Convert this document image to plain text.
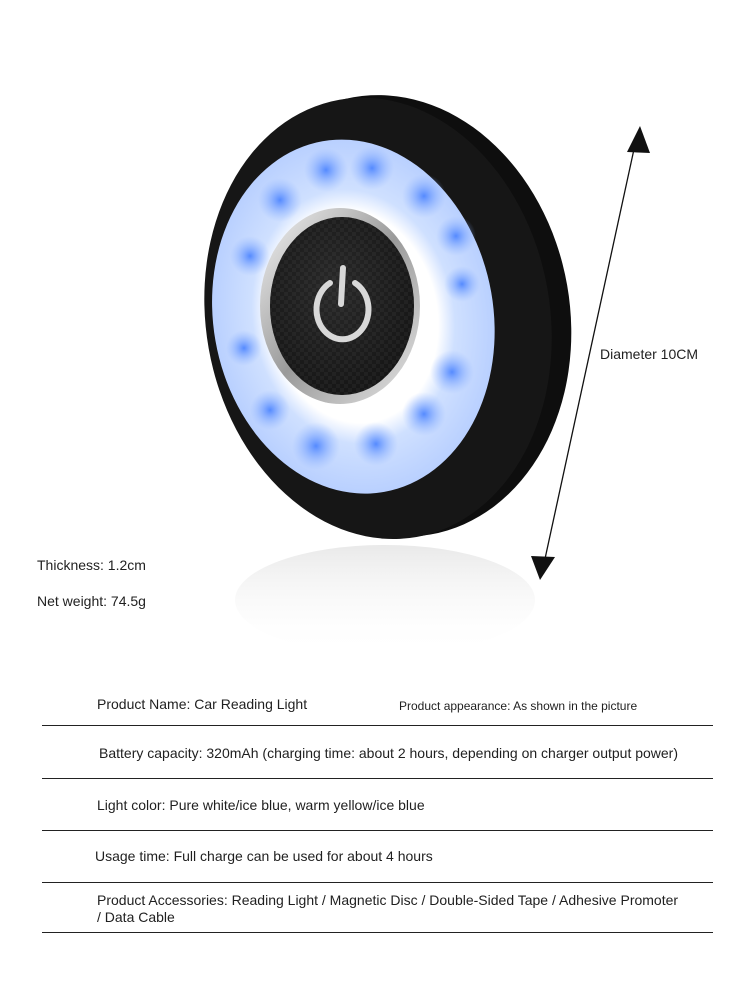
Diameter 10CM
Thickness: 1.2cm
Net weight: 74.5g
Product Name: Car Reading Light	Product appearance: As shown in the picture
Battery capacity: 320mAh (charging time: about 2 hours, depending on charger output power)
Light color: Pure white/ice blue, warm yellow/ice blue
Usage time: Full charge can be used for about 4 hours
Product Accessories: Reading Light / Magnetic Disc / Double-Sided Tape / Adhesive Promoter
/ Data Cable
